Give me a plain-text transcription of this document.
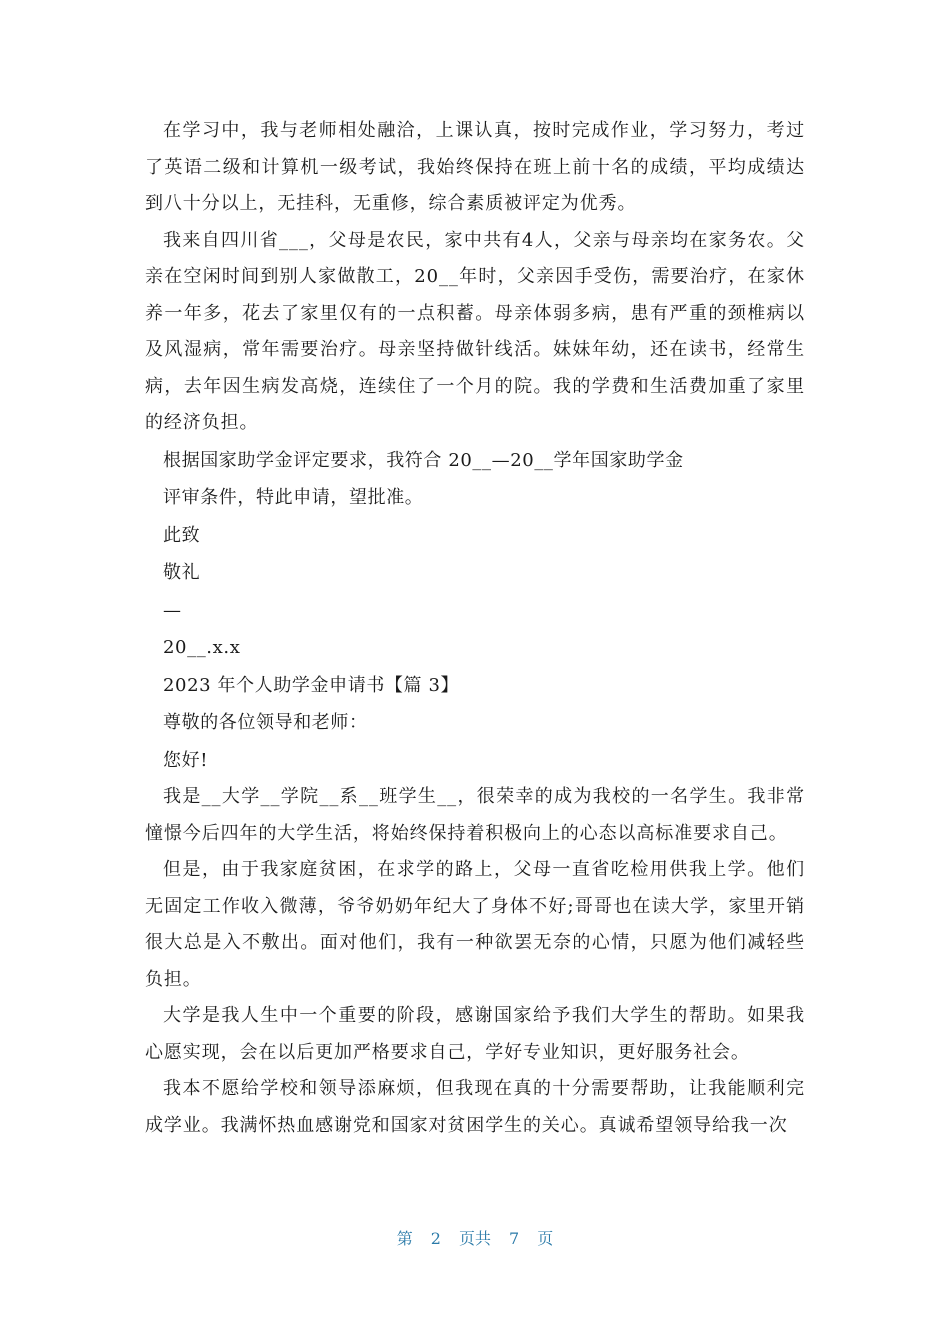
在学习中，我与老师相处融洽，上课认真，按时完成作业，学习努力，考过了英语二级和计算机一级考试，我始终保持在班上前十名的成绩，平均成绩达到八十分以上，无挂科，无重修，综合素质被评定为优秀。

我来自四川省___，父母是农民，家中共有4人，父亲与母亲均在家务农。父亲在空闲时间到别人家做散工，20__年时，父亲因手受伤，需要治疗，在家休养一年多，花去了家里仅有的一点积蓄。母亲体弱多病，患有严重的颈椎病以及风湿病，常年需要治疗。母亲坚持做针线活。妹妹年幼，还在读书，经常生病，去年因生病发高烧，连续住了一个月的院。我的学费和生活费加重了家里的经济负担。

根据国家助学金评定要求，我符合 20__—20__学年国家助学金

评审条件，特此申请，望批准。

此致

敬礼

—

20__.x.x

2023 年个人助学金申请书【篇 3】

尊敬的各位领导和老师：

您好!

我是__大学__学院__系__班学生__，很荣幸的成为我校的一名学生。我非常憧憬今后四年的大学生活，将始终保持着积极向上的心态以高标准要求自己。

但是，由于我家庭贫困，在求学的路上，父母一直省吃检用供我上学。他们无固定工作收入微薄，爷爷奶奶年纪大了身体不好;哥哥也在读大学，家里开销很大总是入不敷出。面对他们，我有一种欲罢无奈的心情，只愿为他们减轻些负担。

大学是我人生中一个重要的阶段，感谢国家给予我们大学生的帮助。如果我心愿实现，会在以后更加严格要求自己，学好专业知识，更好服务社会。

我本不愿给学校和领导添麻烦，但我现在真的十分需要帮助，让我能顺利完成学业。我满怀热血感谢党和国家对贫困学生的关心。真诚希望领导给我一次

第 2 页共 7 页
